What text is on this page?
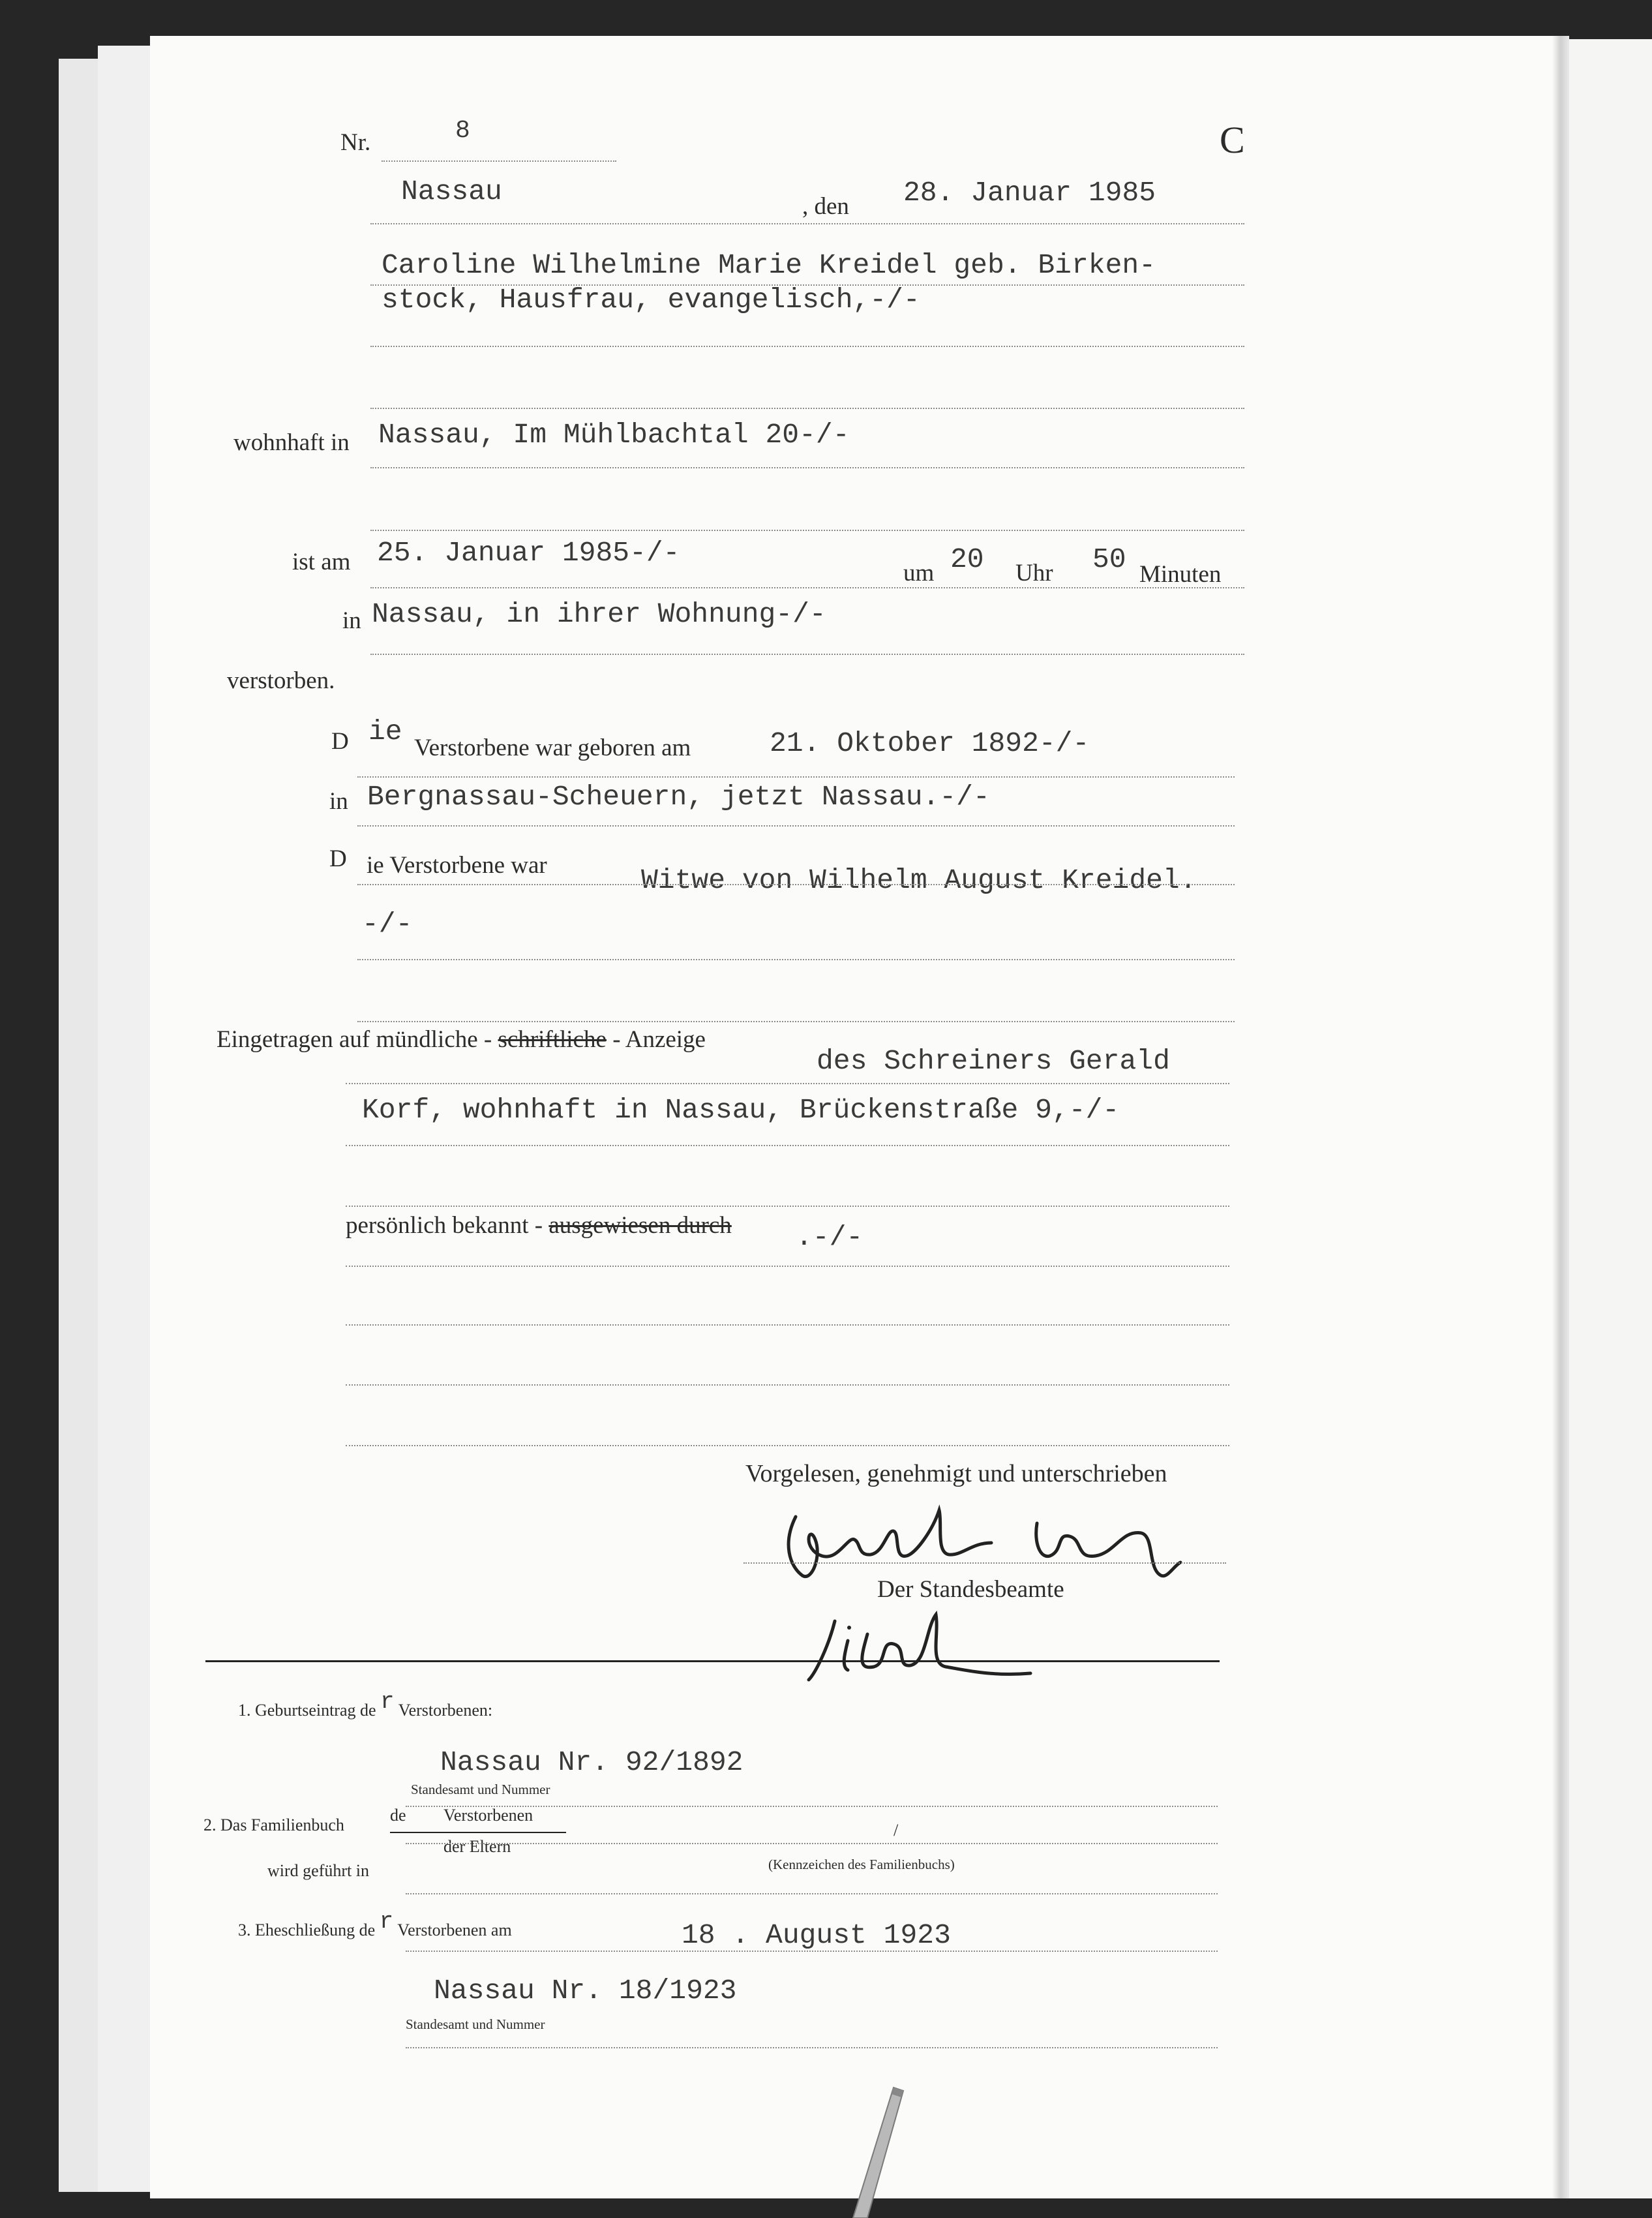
Nr.	8	C
Nassau	, den 28. Januar 1985
Caroline Wilhelmine Marie Kreidel geb. Birken-
stock, Hausfrau, evangelisch,-/-
wohnhaft in Nassau, Im Mühlbachtal 20-/-
ist am 25. Januar 1985-/-
um 20 Uhr 50 Minuten
in Nassau, in ihrer Wohnung-/-
verstorben.
D ie
Verstorbene war geboren am	21. Oktober 1892-/-
in Bergnassau-Scheuern, jetzt Nassau.-/-
D ie Verstorbene war	Witwe von Wilhelm August Kreidel.
-/-
Eingetragen auf mündliche - schriftliche - Anzeige
des Schreiners Gerald
Korf, wohnhaft in Nassau, Brückenstraße 9,-/-
persönlich bekannt - ausgewiesen durch .-/-
Vorgelesen, genehmigt und unterschrieben
Der Standesbeamte
1. Geburtseintrag de r Verstorbenen:
Nassau Nr. 92/1892
Standesamt und Nummer
2. Das Familienbuch
de Verstorbenen
der Eltern
/
(Kennzeichen des Familienbuchs)
wird geführt in
3. Eheschließung de r Verstorbenen am	18 . August 1923
Nassau Nr. 18/1923
Standesamt und Nummer
